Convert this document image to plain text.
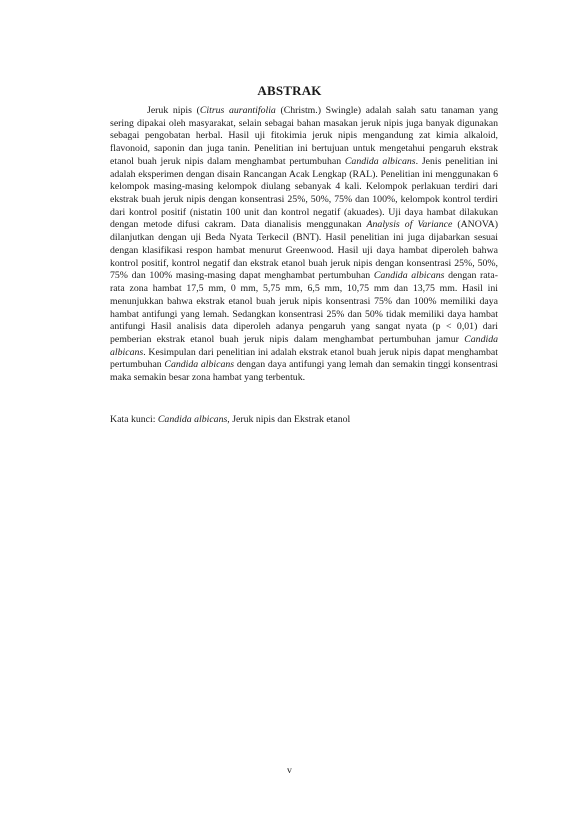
ABSTRAK

Jeruk nipis (Citrus aurantifolia (Christm.) Swingle) adalah salah satu tanaman yang sering dipakai oleh masyarakat, selain sebagai bahan masakan jeruk nipis juga banyak digunakan sebagai pengobatan herbal. Hasil uji fitokimia jeruk nipis mengandung zat kimia alkaloid, flavonoid, saponin dan juga tanin. Penelitian ini bertujuan untuk mengetahui pengaruh ekstrak etanol buah jeruk nipis dalam menghambat pertumbuhan Candida albicans. Jenis penelitian ini adalah eksperimen dengan disain Rancangan Acak Lengkap (RAL). Penelitian ini menggunakan 6 kelompok masing-masing kelompok diulang sebanyak 4 kali. Kelompok perlakuan terdiri dari ekstrak buah jeruk nipis dengan konsentrasi 25%, 50%, 75% dan 100%, kelompok kontrol terdiri dari kontrol positif (nistatin 100 unit dan kontrol negatif (akuades). Uji daya hambat dilakukan dengan metode difusi cakram. Data dianalisis menggunakan Analysis of Variance (ANOVA) dilanjutkan dengan uji Beda Nyata Terkecil (BNT). Hasil penelitian ini juga dijabarkan sesuai dengan klasifikasi respon hambat menurut Greenwood. Hasil uji daya hambat diperoleh bahwa kontrol positif, kontrol negatif dan ekstrak etanol buah jeruk nipis dengan konsentrasi 25%, 50%, 75% dan 100% masing-masing dapat menghambat pertumbuhan Candida albicans dengan rata-rata zona hambat 17,5 mm, 0 mm, 5,75 mm, 6,5 mm, 10,75 mm dan 13,75 mm. Hasil ini menunjukkan bahwa ekstrak etanol buah jeruk nipis konsentrasi 75% dan 100% memiliki daya hambat antifungi yang lemah. Sedangkan konsentrasi 25% dan 50% tidak memiliki daya hambat antifungi Hasil analisis data diperoleh adanya pengaruh yang sangat nyata (p < 0,01) dari pemberian ekstrak etanol buah jeruk nipis dalam menghambat pertumbuhan jamur Candida albicans. Kesimpulan dari penelitian ini adalah ekstrak etanol buah jeruk nipis dapat menghambat pertumbuhan Candida albicans dengan daya antifungi yang lemah dan semakin tinggi konsentrasi maka semakin besar zona hambat yang terbentuk.

Kata kunci: Candida albicans, Jeruk nipis dan Ekstrak etanol

v
